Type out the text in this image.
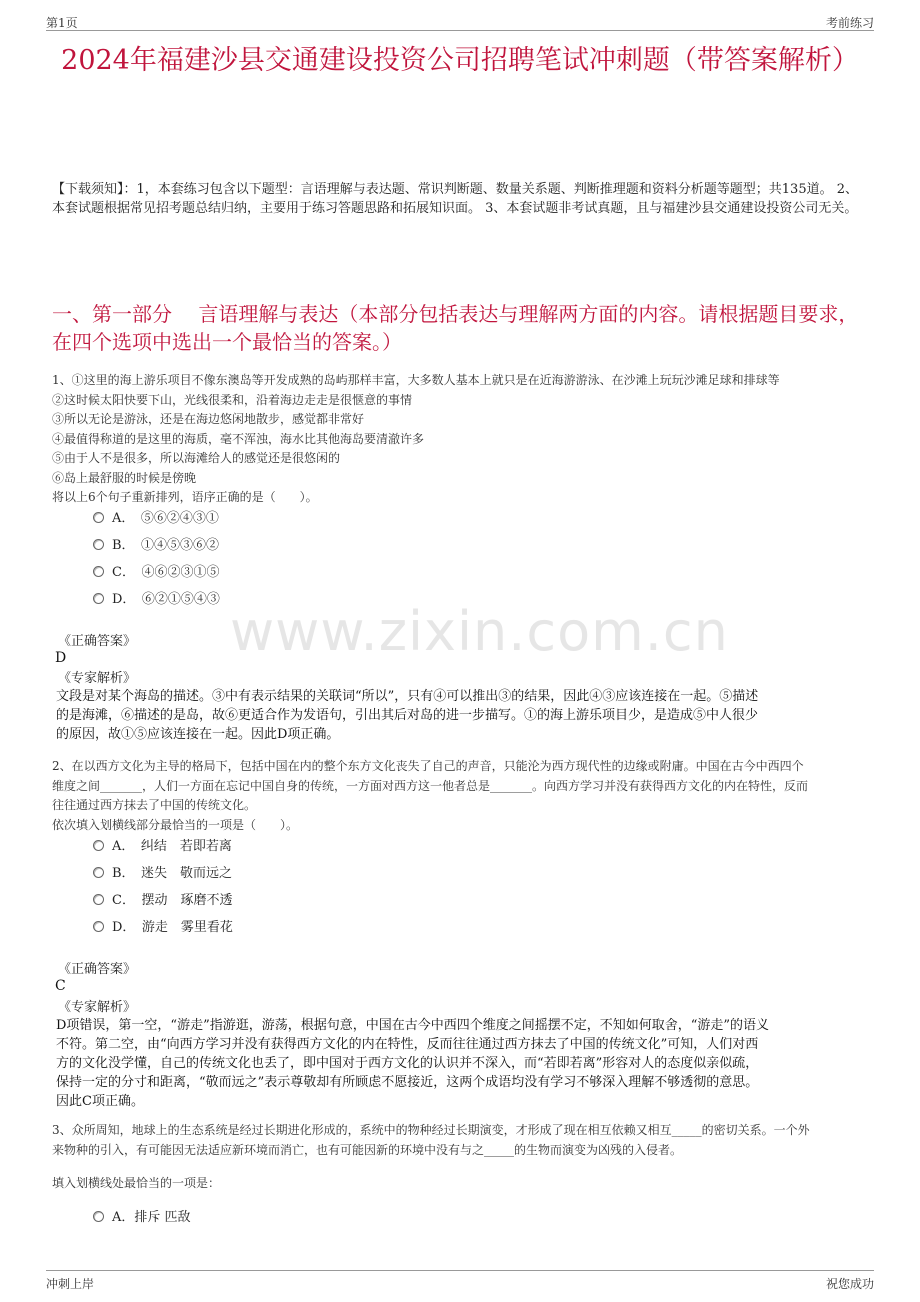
第1页	考前练习
www.zixin.com.cn
2024年福建沙县交通建设投资公司招聘笔试冲刺题（带答案解析）
【下载须知】：1，本套练习包含以下题型：言语理解与表达题、常识判断题、数量关系题、判断推理题和资料分析题等题型；共135道。 2、本套试题根据常见招考题总结归纳，主要用于练习答题思路和拓展知识面。 3、本套试题非考试真题，且与福建沙县交通建设投资公司无关。
一、第一部分　 言语理解与表达（本部分包括表达与理解两方面的内容。请根据题目要求，在四个选项中选出一个最恰当的答案。）
1、①这里的海上游乐项目不像东澳岛等开发成熟的岛屿那样丰富，大多数人基本上就只是在近海游游泳、在沙滩上玩玩沙滩足球和排球等
②这时候太阳快要下山，光线很柔和，沿着海边走走是很惬意的事情
③所以无论是游泳，还是在海边悠闲地散步，感觉都非常好
④最值得称道的是这里的海质，毫不浑浊，海水比其他海岛要清澈许多
⑤由于人不是很多，所以海滩给人的感觉还是很悠闲的
⑥岛上最舒服的时候是傍晚
将以上6个句子重新排列，语序正确的是（　　）。
A．　⑤⑥②④③①
B．　①④⑤③⑥②
C．　④⑥②③①⑤
D．　⑥②①⑤④③
《正确答案》
D
《专家解析》
文段是对某个海岛的描述。③中有表示结果的关联词“所以”，只有④可以推出③的结果，因此④③应该连接在一起。⑤描述
的是海滩，⑥描述的是岛，故⑥更适合作为发语句，引出其后对岛的进一步描写。①的海上游乐项目少，是造成⑤中人很少
的原因，故①⑤应该连接在一起。因此D项正确。
2、在以西方文化为主导的格局下，包括中国在内的整个东方文化丧失了自己的声音，只能沦为西方现代性的边缘或附庸。中国在古今中西四个
维度之间_______，人们一方面在忘记中国自身的传统，一方面对西方这一他者总是_______。向西方学习并没有获得西方文化的内在特性，反而
往往通过西方抹去了中国的传统文化。
依次填入划横线部分最恰当的一项是（　　）。
A．　纠结　若即若离
B．　迷失　敬而远之
C．　摆动　琢磨不透
D．　游走　雾里看花
《正确答案》
C
《专家解析》
D项错误，第一空，“游走”指游逛，游荡，根据句意，中国在古今中西四个维度之间摇摆不定，不知如何取舍，“游走”的语义
不符。第二空，由“向西方学习并没有获得西方文化的内在特性，反而往往通过西方抹去了中国的传统文化”可知，人们对西
方的文化没学懂，自己的传统文化也丢了，即中国对于西方文化的认识并不深入，而“若即若离”形容对人的态度似亲似疏，
保持一定的分寸和距离，“敬而远之”表示尊敬却有所顾虑不愿接近，这两个成语均没有学习不够深入理解不够透彻的意思。
因此C项正确。
3、众所周知，地球上的生态系统是经过长期进化形成的，系统中的物种经过长期演变，才形成了现在相互依赖又相互_____的密切关系。一个外
来物种的引入，有可能因无法适应新环境而消亡，也有可能因新的环境中没有与之_____的生物而演变为凶残的入侵者。
填入划横线处最恰当的一项是：
A．排斥 匹敌
冲刺上岸	祝您成功
